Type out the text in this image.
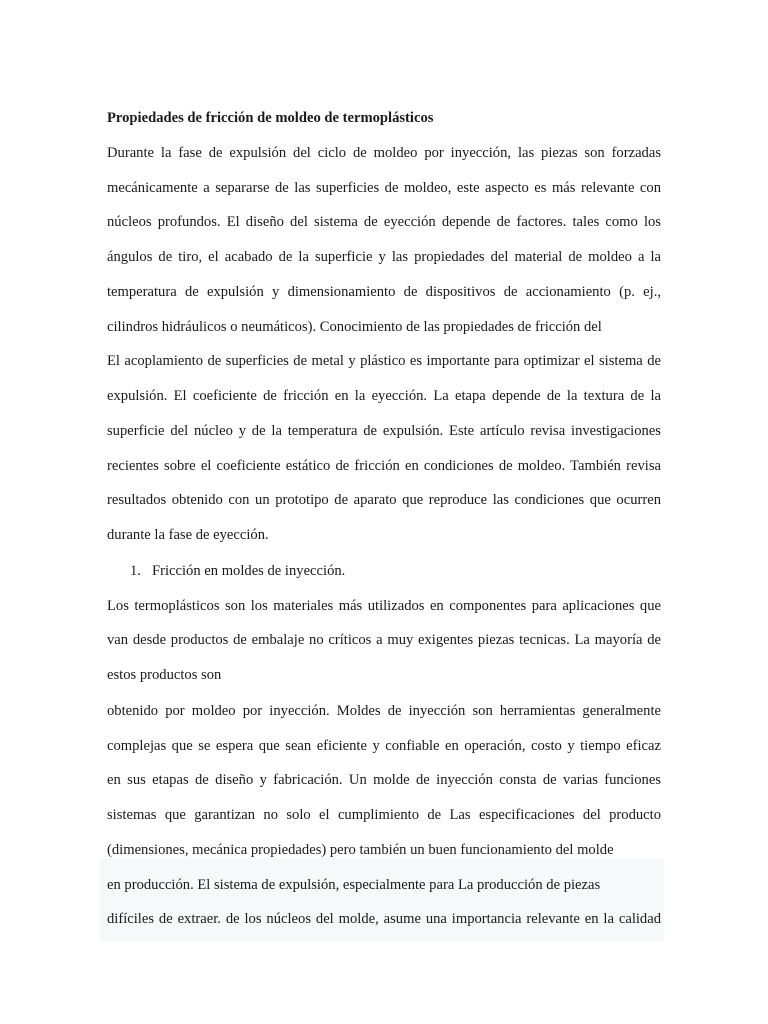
Propiedades de fricción de moldeo de termoplásticos
Durante la fase de expulsión del ciclo de moldeo por inyección, las piezas son forzadas
mecánicamente a separarse de las superficies de moldeo, este aspecto es más relevante con
núcleos profundos. El diseño del sistema de eyección depende de factores. tales como los
ángulos de tiro, el acabado de la superficie y las propiedades del material de moldeo a la
temperatura de expulsión y dimensionamiento de dispositivos de accionamiento (p. ej.,
cilindros hidráulicos o neumáticos). Conocimiento de las propiedades de fricción del
El acoplamiento de superficies de metal y plástico es importante para optimizar el sistema de
expulsión. El coeficiente de fricción en la eyección. La etapa depende de la textura de la
superficie del núcleo y de la temperatura de expulsión. Este artículo revisa investigaciones
recientes sobre el coeficiente estático de fricción en condiciones de moldeo. También revisa
resultados obtenido con un prototipo de aparato que reproduce las condiciones que ocurren
durante la fase de eyección.
1. Fricción en moldes de inyección.
Los termoplásticos son los materiales más utilizados en componentes para aplicaciones que
van desde productos de embalaje no críticos a muy exigentes piezas tecnicas. La mayoría de
estos productos son
obtenido por moldeo por inyección. Moldes de inyección son herramientas generalmente
complejas que se espera que sean eficiente y confiable en operación, costo y tiempo eficaz
en sus etapas de diseño y fabricación. Un molde de inyección consta de varias funciones
sistemas que garantizan no solo el cumplimiento de Las especificaciones del producto
(dimensiones, mecánica propiedades) pero también un buen funcionamiento del molde
en producción. El sistema de expulsión, especialmente para La producción de piezas
difíciles de extraer. de los núcleos del molde, asume una importancia relevante en la calidad
